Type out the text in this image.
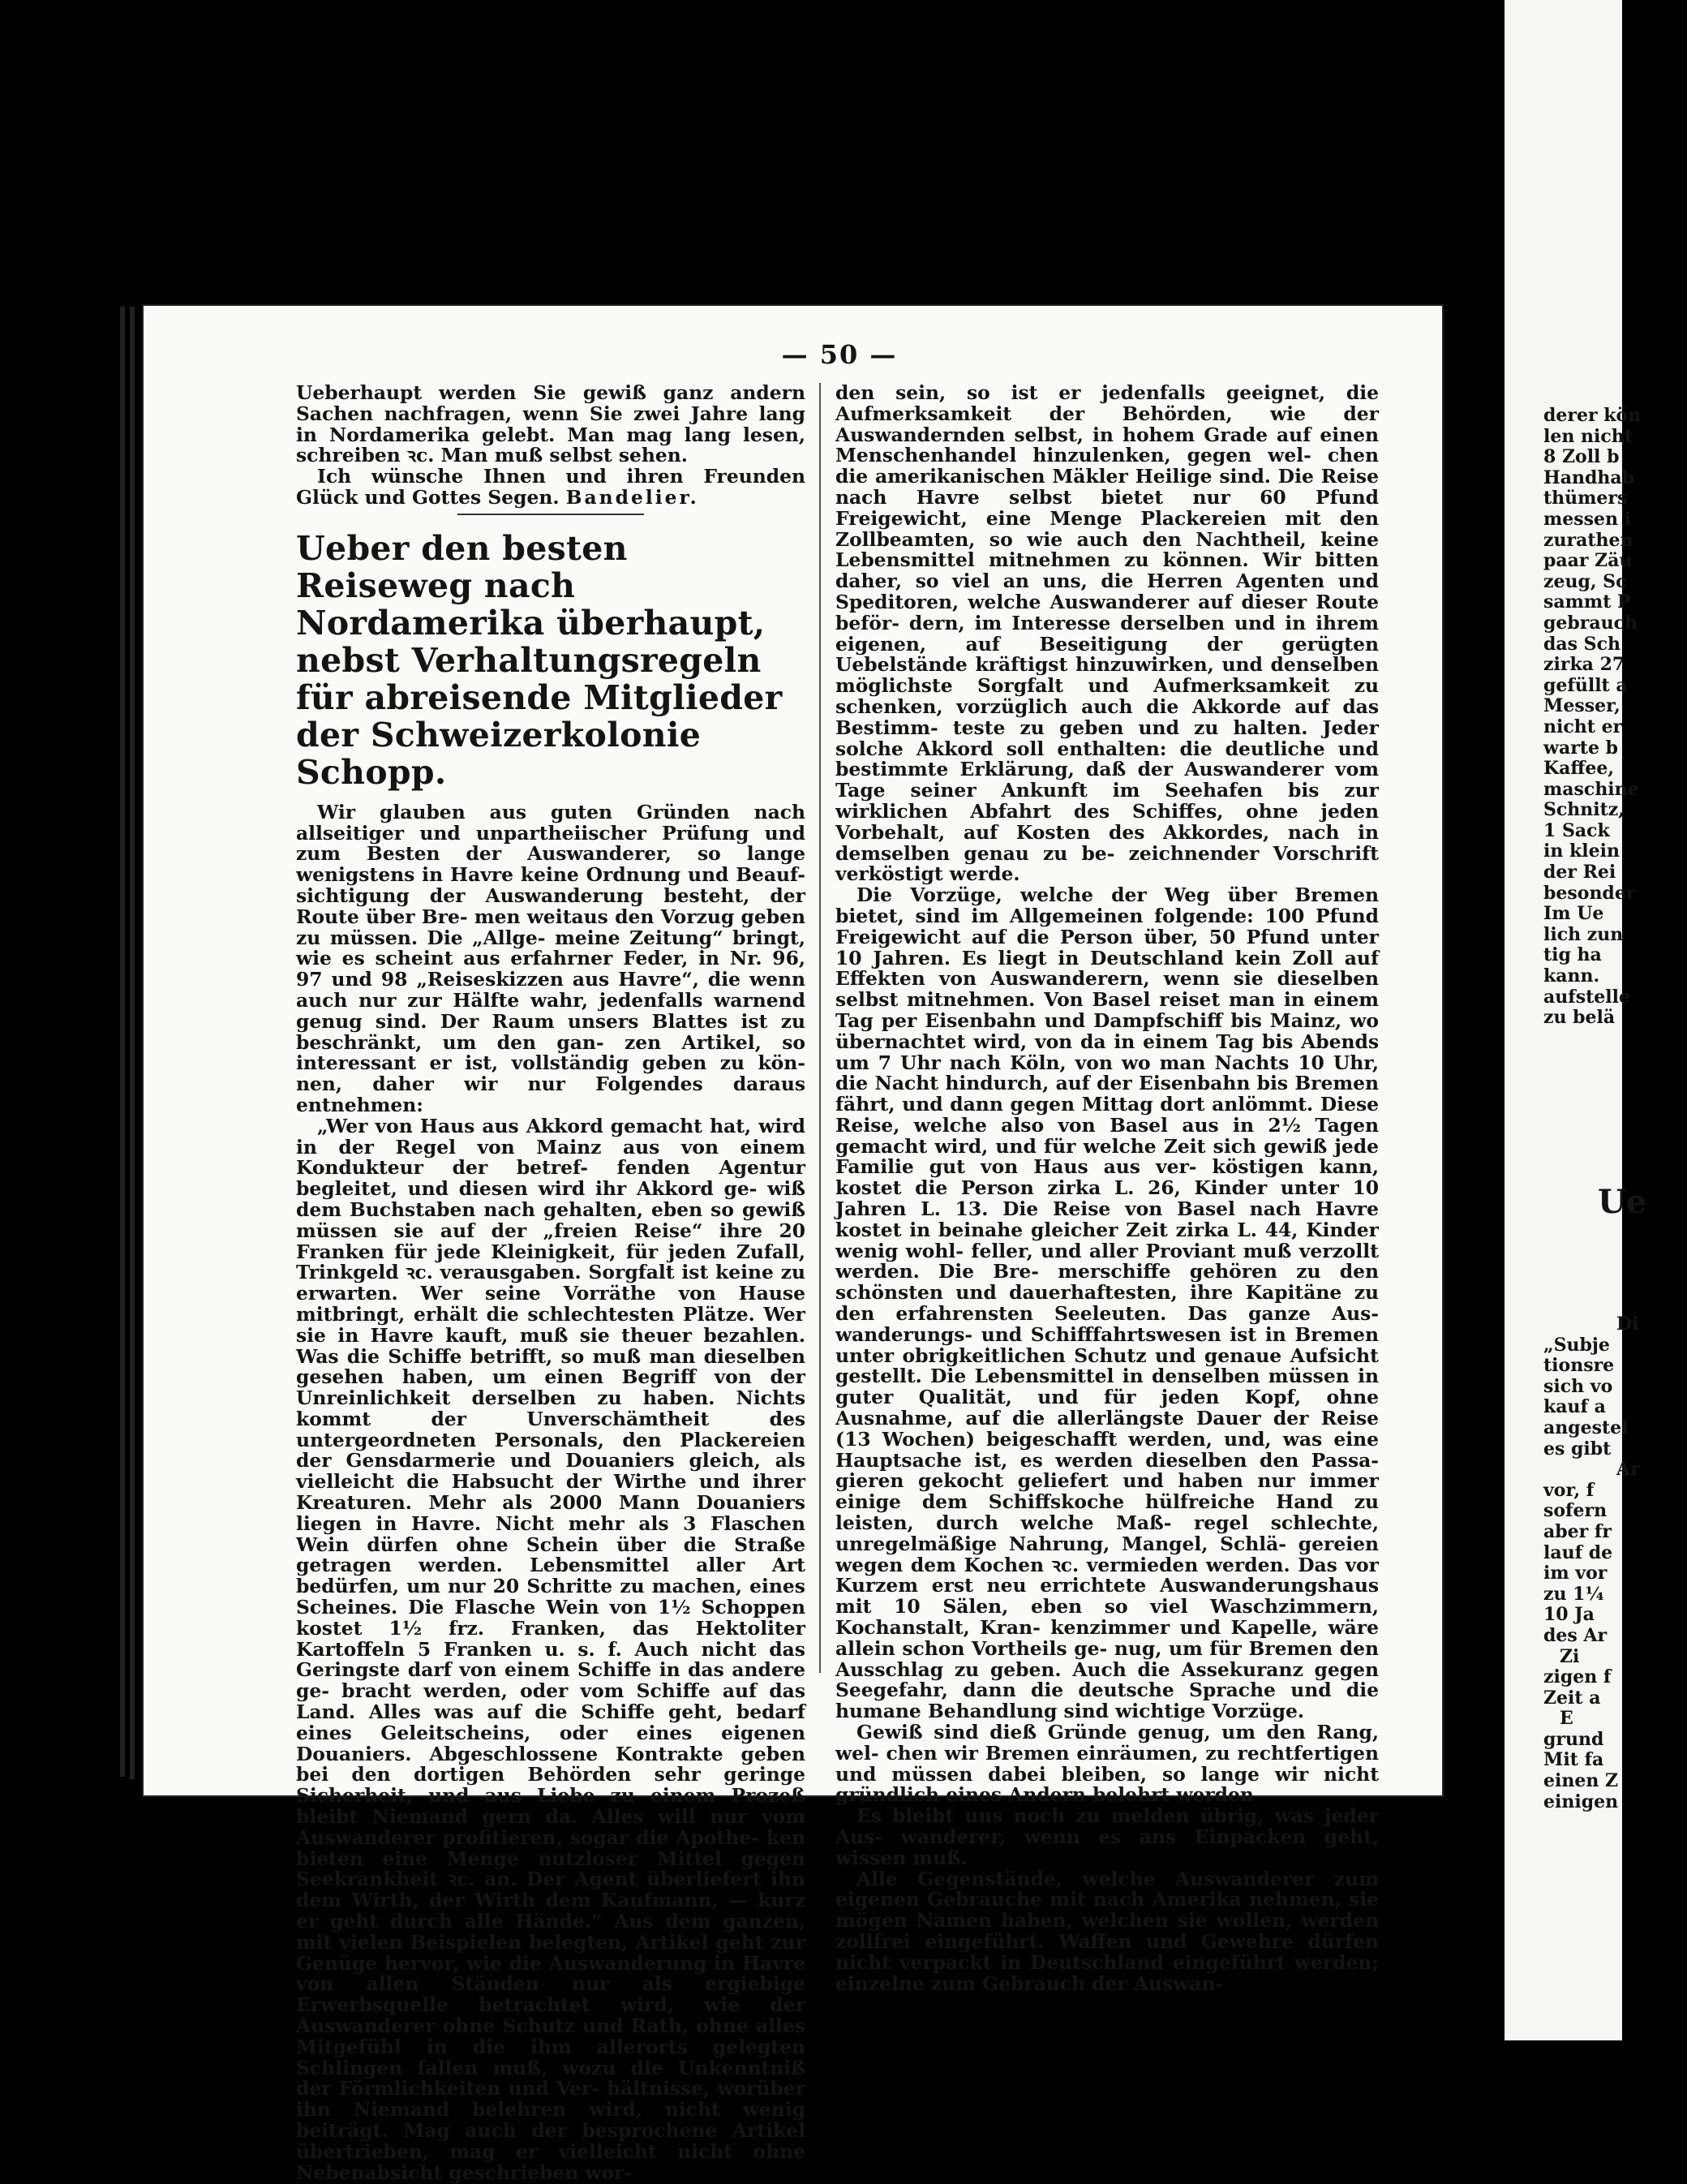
— 50 —

Ueberhaupt werden Sie gewiß ganz andern Sachen nachfragen, wenn Sie zwei Jahre lang in Nordamerika gelebt. Man mag lang lesen, schreiben ꝛc. Man muß selbst sehen.

Ich wünsche Ihnen und ihren Freunden Glück und Gottes Segen. Bandelier.

Ueber den besten Reiseweg nach Nordamerika überhaupt, nebst Verhaltungsregeln für abreisende Mitglieder der Schweizerkolonie Schopp.

Wir glauben aus guten Gründen nach allseitiger und unpartheiischer Prüfung und zum Besten der Auswanderer, so lange wenigstens in Havre keine Ordnung und Beauf- sichtigung der Auswanderung besteht, der Route über Bre- men weitaus den Vorzug geben zu müssen. Die „Allge- meine Zeitung“ bringt, wie es scheint aus erfahrner Feder, in Nr. 96, 97 und 98 „Reiseskizzen aus Havre“, die wenn auch nur zur Hälfte wahr, jedenfalls warnend genug sind. Der Raum unsers Blattes ist zu beschränkt, um den gan- zen Artikel, so interessant er ist, vollständig geben zu kön- nen, daher wir nur Folgendes daraus entnehmen:

„Wer von Haus aus Akkord gemacht hat, wird in der Regel von Mainz aus von einem Kondukteur der betref- fenden Agentur begleitet, und diesen wird ihr Akkord ge- wiß dem Buchstaben nach gehalten, eben so gewiß müssen sie auf der „freien Reise“ ihre 20 Franken für jede Kleinigkeit, für jeden Zufall, Trinkgeld ꝛc. verausgaben. Sorgfalt ist keine zu erwarten. Wer seine Vorräthe von Hause mitbringt, erhält die schlechtesten Plätze. Wer sie in Havre kauft, muß sie theuer bezahlen. Was die Schiffe betrifft, so muß man dieselben gesehen haben, um einen Begriff von der Unreinlichkeit derselben zu haben. Nichts kommt der Unverschämtheit des untergeordneten Personals, den Plackereien der Gensdarmerie und Douaniers gleich, als vielleicht die Habsucht der Wirthe und ihrer Kreaturen. Mehr als 2000 Mann Douaniers liegen in Havre. Nicht mehr als 3 Flaschen Wein dürfen ohne Schein über die Straße getragen werden. Lebensmittel aller Art bedürfen, um nur 20 Schritte zu machen, eines Scheines. Die Flasche Wein von 1½ Schoppen kostet 1½ frz. Franken, das Hektoliter Kartoffeln 5 Franken u. s. f. Auch nicht das Geringste darf von einem Schiffe in das andere ge- bracht werden, oder vom Schiffe auf das Land. Alles was auf die Schiffe geht, bedarf eines Geleitscheins, oder eines eigenen Douaniers. Abgeschlossene Kontrakte geben bei den dortigen Behörden sehr geringe Sicherheit, und aus Liebe zu einem Prozeß bleibt Niemand gern da. Alles will nur vom Auswanderer profitieren, sogar die Apothe- ken bieten eine Menge nutzloser Mittel gegen Seekrankheit ꝛc. an. Der Agent überliefert ihn dem Wirth, der Wirth dem Kaufmann, — kurz er geht durch alle Hände.“ Aus dem ganzen, mit vielen Beispielen belegten, Artikel geht zur Genüge hervor, wie die Auswanderung in Havre von allen Ständen nur als ergiebige Erwerbsquelle betrachtet wird, wie der Auswanderer ohne Schutz und Rath, ohne alles Mitgefühl in die ihm allerorts gelegten Schlingen fallen muß, wozu die Unkenntniß der Förmlichkeiten und Ver- hältnisse, worüber ihn Niemand belehren wird, nicht wenig beiträgt. Mag auch der besprochene Artikel übertrieben, mag er vielleicht nicht ohne Nebenabsicht geschrieben wor-

den sein, so ist er jedenfalls geeignet, die Aufmerksamkeit der Behörden, wie der Auswandernden selbst, in hohem Grade auf einen Menschenhandel hinzulenken, gegen wel- chen die amerikanischen Mäkler Heilige sind. Die Reise nach Havre selbst bietet nur 60 Pfund Freigewicht, eine Menge Plackereien mit den Zollbeamten, so wie auch den Nachtheil, keine Lebensmittel mitnehmen zu können. Wir bitten daher, so viel an uns, die Herren Agenten und Speditoren, welche Auswanderer auf dieser Route beför- dern, im Interesse derselben und in ihrem eigenen, auf Beseitigung der gerügten Uebelstände kräftigst hinzuwirken, und denselben möglichste Sorgfalt und Aufmerksamkeit zu schenken, vorzüglich auch die Akkorde auf das Bestimm- teste zu geben und zu halten. Jeder solche Akkord soll enthalten: die deutliche und bestimmte Erklärung, daß der Auswanderer vom Tage seiner Ankunft im Seehafen bis zur wirklichen Abfahrt des Schiffes, ohne jeden Vorbehalt, auf Kosten des Akkordes, nach in demselben genau zu be- zeichnender Vorschrift verköstigt werde.

Die Vorzüge, welche der Weg über Bremen bietet, sind im Allgemeinen folgende: 100 Pfund Freigewicht auf die Person über, 50 Pfund unter 10 Jahren. Es liegt in Deutschland kein Zoll auf Effekten von Auswanderern, wenn sie dieselben selbst mitnehmen. Von Basel reiset man in einem Tag per Eisenbahn und Dampfschiff bis Mainz, wo übernachtet wird, von da in einem Tag bis Abends um 7 Uhr nach Köln, von wo man Nachts 10 Uhr, die Nacht hindurch, auf der Eisenbahn bis Bremen fährt, und dann gegen Mittag dort anlömmt. Diese Reise, welche also von Basel aus in 2½ Tagen gemacht wird, und für welche Zeit sich gewiß jede Familie gut von Haus aus ver- köstigen kann, kostet die Person zirka L. 26, Kinder unter 10 Jahren L. 13. Die Reise von Basel nach Havre kostet in beinahe gleicher Zeit zirka L. 44, Kinder wenig wohl- feller, und aller Proviant muß verzollt werden. Die Bre- merschiffe gehören zu den schönsten und dauerhaftesten, ihre Kapitäne zu den erfahrensten Seeleuten. Das ganze Aus- wanderungs- und Schifffahrtswesen ist in Bremen unter obrigkeitlichen Schutz und genaue Aufsicht gestellt. Die Lebensmittel in denselben müssen in guter Qualität, und für jeden Kopf, ohne Ausnahme, auf die allerlängste Dauer der Reise (13 Wochen) beigeschafft werden, und, was eine Hauptsache ist, es werden dieselben den Passa- gieren gekocht geliefert und haben nur immer einige dem Schiffskoche hülfreiche Hand zu leisten, durch welche Maß- regel schlechte, unregelmäßige Nahrung, Mangel, Schlä- gereien wegen dem Kochen ꝛc. vermieden werden. Das vor Kurzem erst neu errichtete Auswanderungshaus mit 10 Sälen, eben so viel Waschzimmern, Kochanstalt, Kran- kenzimmer und Kapelle, wäre allein schon Vortheils ge- nug, um für Bremen den Ausschlag zu geben. Auch die Assekuranz gegen Seegefahr, dann die deutsche Sprache und die humane Behandlung sind wichtige Vorzüge.

Gewiß sind dieß Gründe genug, um den Rang, wel- chen wir Bremen einräumen, zu rechtfertigen und müssen dabei bleiben, so lange wir nicht gründlich eines Andern belehrt werden

Es bleibt uns noch zu melden übrig, was jeder Aus- wanderer, wenn es ans Einpacken geht, wissen muß.

Alle Gegenstände, welche Auswanderer zum eigenen Gebrauche mit nach Amerika nehmen, sie mögen Namen haben, welchen sie wollen, werden zollfrei eingeführt. Waffen und Gewehre dürfen nicht verpackt in Deutschland eingeführt werden; einzelne zum Gebrauch der Auswan-

derer kön
len nicht
8 Zoll b
Handhab
thümers
messen i
zurathen
paar Zäu
zeug, Sc
sammt P
gebrauch
das Sch
zirka 27
gefüllt a
Messer,
nicht er
warte b
Kaffee,
maschine
Schnitz,
1 Sack
in klein
der Rei
besonder
Im Ue
lich zun
tig ha
kann.
aufstelle
zu belä
Ue
Di
„Subje
tionsre
sich vo
kauf a
angestel
es gibt
Ar
vor, f
sofern
aber fr
lauf de
im vor
zu 1¼
10 Ja
des Ar
Zi
zigen f
Zeit a
E
grund
Mit fa
einen Z
einigen
